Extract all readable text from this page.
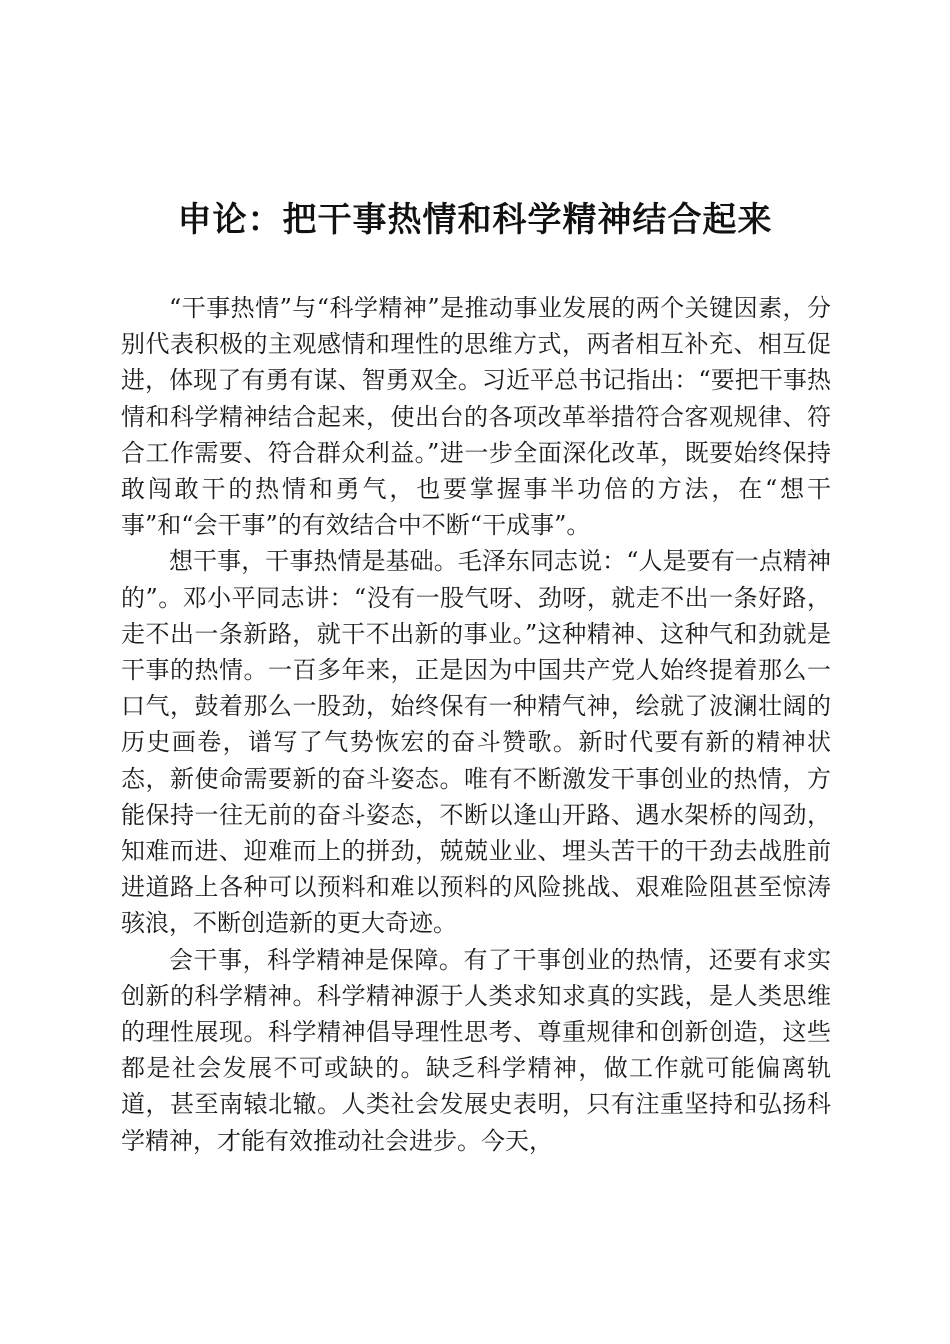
申论：把干事热情和科学精神结合起来

“干事热情”与“科学精神”是推动事业发展的两个关键因素，分别代表积极的主观感情和理性的思维方式，两者相互补充、相互促进，体现了有勇有谋、智勇双全。习近平总书记指出：“要把干事热情和科学精神结合起来，使出台的各项改革举措符合客观规律、符合工作需要、符合群众利益。”进一步全面深化改革，既要始终保持敢闯敢干的热情和勇气，也要掌握事半功倍的方法，在“想干事”和“会干事”的有效结合中不断“干成事”。

想干事，干事热情是基础。毛泽东同志说：“人是要有一点精神的”。邓小平同志讲：“没有一股气呀、劲呀，就走不出一条好路，走不出一条新路，就干不出新的事业。”这种精神、这种气和劲就是干事的热情。一百多年来，正是因为中国共产党人始终提着那么一口气，鼓着那么一股劲，始终保有一种精气神，绘就了波澜壮阔的历史画卷，谱写了气势恢宏的奋斗赞歌。新时代要有新的精神状态，新使命需要新的奋斗姿态。唯有不断激发干事创业的热情，方能保持一往无前的奋斗姿态，不断以逢山开路、遇水架桥的闯劲，知难而进、迎难而上的拼劲，兢兢业业、埋头苦干的干劲去战胜前进道路上各种可以预料和难以预料的风险挑战、艰难险阻甚至惊涛骇浪，不断创造新的更大奇迹。

会干事，科学精神是保障。有了干事创业的热情，还要有求实创新的科学精神。科学精神源于人类求知求真的实践，是人类思维的理性展现。科学精神倡导理性思考、尊重规律和创新创造，这些都是社会发展不可或缺的。缺乏科学精神，做工作就可能偏离轨道，甚至南辕北辙。人类社会发展史表明，只有注重坚持和弘扬科学精神，才能有效推动社会进步。今天，
